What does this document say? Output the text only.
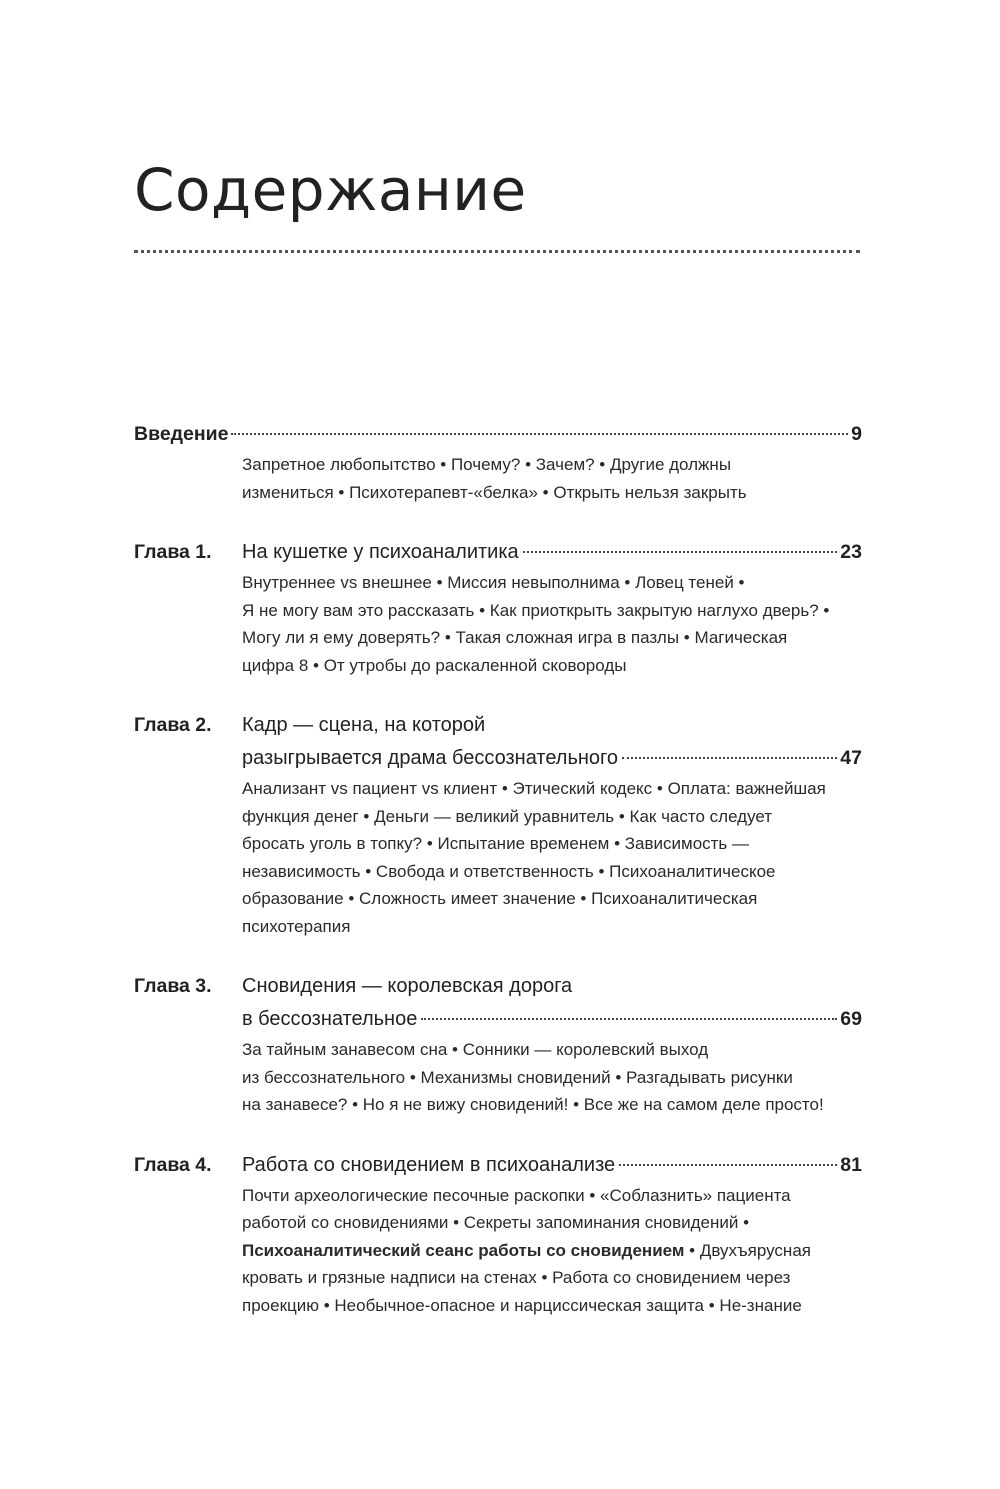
Содержание
Введение	9

Запретное любопытство • Почему? • Зачем? • Другие должны

измениться • Психотерапевт-«белка» • Открыть нельзя закрыть

Глава 1. На кушетке у психоаналитика	23

Внутреннее vs внешнее • Миссия невыполнима • Ловец теней •

Я не могу вам это рассказать • Как приоткрыть закрытую наглухо дверь? •

Могу ли я ему доверять? • Такая сложная игра в пазлы • Магическая

цифра 8 • От утробы до раскаленной сковороды

Глава 2. Кадр — сцена, на которой
разыгрывается драма бессознательного	47

Анализант vs пациент vs клиент • Этический кодекс • Оплата: важнейшая

функция денег • Деньги — великий уравнитель • Как часто следует

бросать уголь в топку? • Испытание временем • Зависимость —

независимость • Свобода и ответственность • Психоаналитическое

образование • Сложность имеет значение • Психоаналитическая

психотерапия

Глава 3. Сновидения — королевская дорога
в бессознательное	69

За тайным занавесом сна • Сонники — королевский выход

из бессознательного • Механизмы сновидений • Разгадывать рисунки

на занавесе? • Но я не вижу сновидений! • Все же на самом деле просто!

Глава 4. Работа со сновидением в психоанализе	81

Почти археологические песочные раскопки • «Соблазнить» пациента

работой со сновидениями • Секреты запоминания сновидений •

Психоаналитический сеанс работы со сновидением • Двухъярусная

кровать и грязные надписи на стенах • Работа со сновидением через

проекцию • Необычное-опасное и нарциссическая защита • Не-знание
